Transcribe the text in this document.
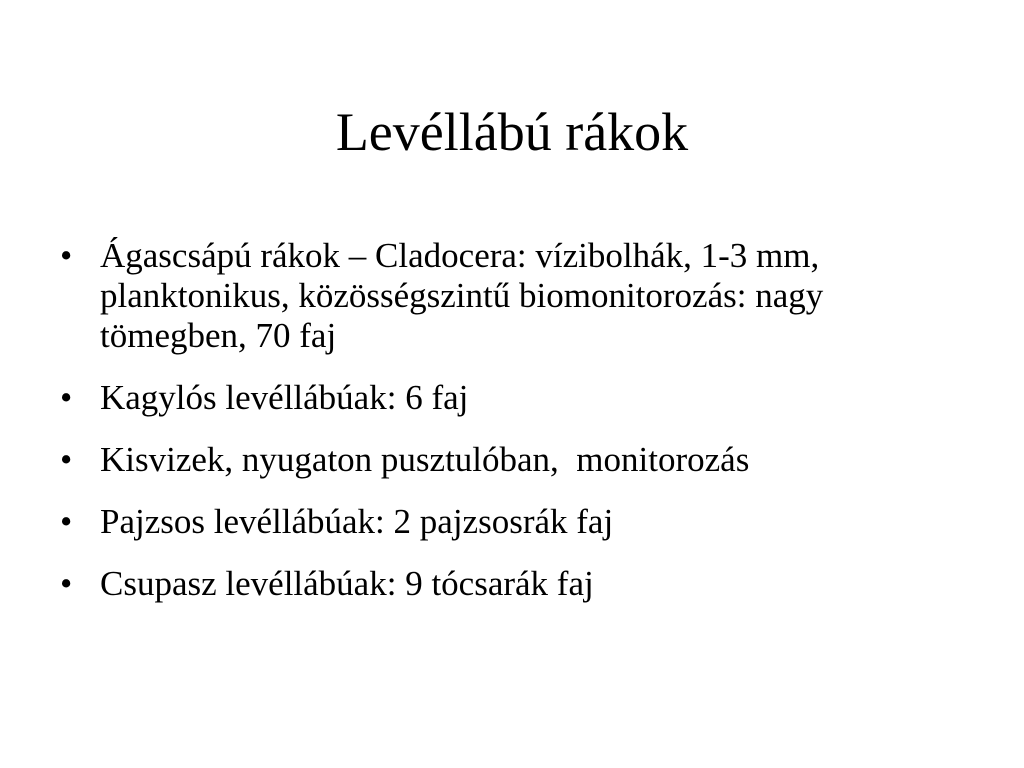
Levéllábú rákok
• Ágascsápú rákok – Cladocera: vízibolhák, 1-3 mm, planktonikus, közösségszintű biomonitorozás: nagy tömegben, 70 faj
• Kagylós levéllábúak: 6 faj
• Kisvizek, nyugaton pusztulóban,  monitorozás
• Pajzsos levéllábúak: 2 pajzsosrák faj
• Csupasz levéllábúak: 9 tócsarák faj
